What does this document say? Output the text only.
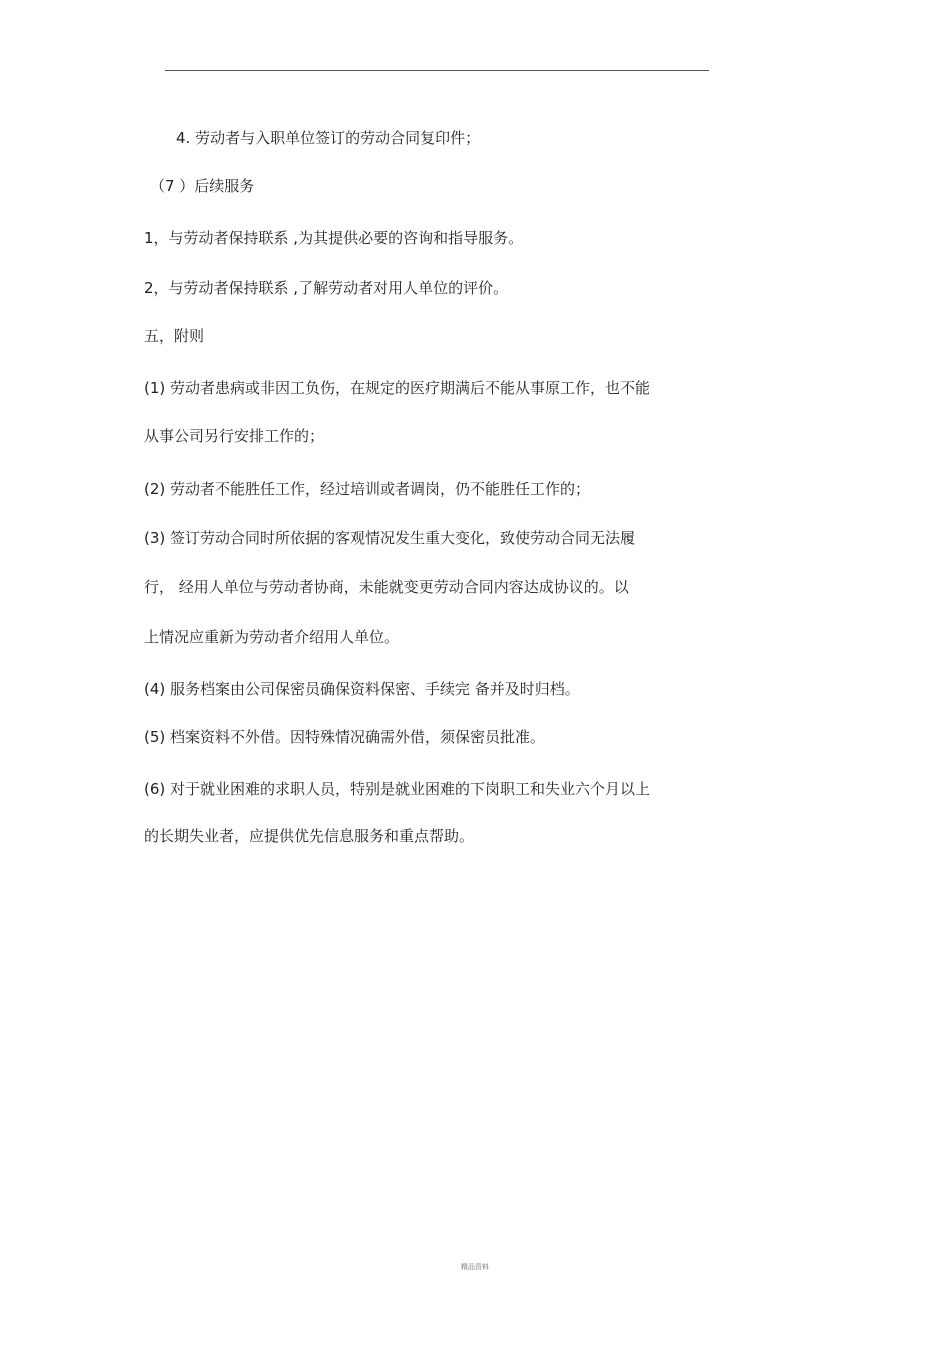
4. 劳动者与入职单位签订的劳动合同复印件；
（7 ）后续服务
1，与劳动者保持联系 ,为其提供必要的咨询和指导服务。
2，与劳动者保持联系 ,了解劳动者对用人单位的评价。
五，附则
(1) 劳动者患病或非因工负伤，在规定的医疗期满后不能从事原工作，也不能
从事公司另行安排工作的；
(2) 劳动者不能胜任工作，经过培训或者调岗，仍不能胜任工作的；
(3) 签订劳动合同时所依据的客观情况发生重大变化，致使劳动合同无法履
行， 经用人单位与劳动者协商，未能就变更劳动合同内容达成协议的。以
上情况应重新为劳动者介绍用人单位。
(4) 服务档案由公司保密员确保资料保密、手续完 备并及时归档。
(5) 档案资料不外借。因特殊情况确需外借，须保密员批准。
(6) 对于就业困难的求职人员，特别是就业困难的下岗职工和失业六个月以上
的长期失业者，应提供优先信息服务和重点帮助。
精品资料
